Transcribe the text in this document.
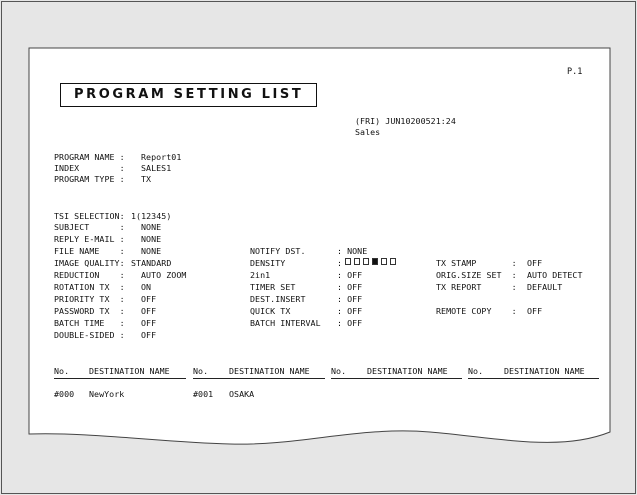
P.1
PROGRAM SETTING LIST
(FRI) JUN10200521:24
Sales
PROGRAM NAME : Report01
INDEX        : SALES1
PROGRAM TYPE : TX
TSI SELECTION: 1(12345)
SUBJECT      : NONE
REPLY E-MAIL : NONE
FILE NAME    : NONE
IMAGE QUALITY: STANDARD
REDUCTION    : AUTO ZOOM
ROTATION TX  : ON
PRIORITY TX  : OFF
PASSWORD TX  : OFF
BATCH TIME   : OFF
DOUBLE-SIDED : OFF
NOTIFY DST.	: NONE
DENSITY	:
2in1	: OFF
TIMER SET	: OFF
DEST.INSERT	: OFF
QUICK TX	: OFF
BATCH INTERVAL : OFF
TX STAMP       : OFF
ORIG.SIZE SET  : AUTO DETECT
TX REPORT      : DEFAULT
REMOTE COPY    : OFF
No. DESTINATION NAME	No.	DESTINATION NAME	No.	DESTINATION NAME No.	DESTINATION NAME
#000 NewYork	#001 OSAKA
